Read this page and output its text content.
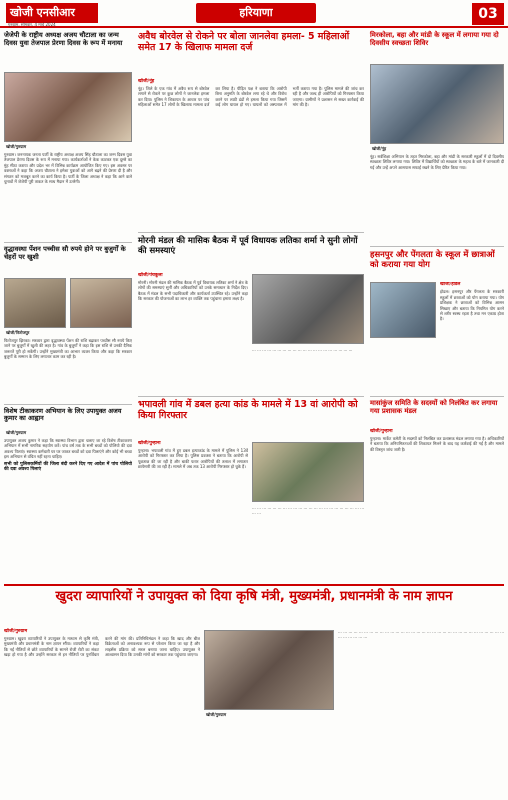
खोजी एनसीआर
गुरुग्राम, सोमवार, 4 मार्च 2024
हरियाणा	03
जेजेपी के राष्ट्रीय अध्यक्ष अजय चौटाला का जन्म दिवस युवा तेजपाल प्रेरणा दिवस के रूप में मनाया
खोजी/गुरुग्राम
गुरुग्राम। जननायक जनता पार्टी के राष्ट्रीय अध्यक्ष अजय सिंह चौटाला का जन्म दिवस युवा तेजपाल प्रेरणा दिवस के रूप में मनाया गया। कार्यकर्ताओं ने केक काटकर एक दूसरे का मुंह मीठा कराया और प्रदेश भर में विभिन्न कार्यक्रम आयोजित किए गए। इस अवसर पर वक्ताओं ने कहा कि अजय चौटाला ने हमेशा युवाओं को आगे बढ़ने की प्रेरणा दी है और संगठन को मजबूत करने का कार्य किया है। पार्टी के जिला अध्यक्ष ने कहा कि आने वाले चुनावों में जेजेपी पूरी ताकत के साथ मैदान में उतरेगी।
वृद्धावस्था पेंशन पच्चीस सौ रुपये होने पर बुजुर्गों के चेहरों पर खुशी
खोजी/फिरोजपुर
फिरोजपुर झिरका। सरकार द्वारा वृद्धावस्था पेंशन की राशि बढ़ाकर पच्चीस सौ रुपये किए जाने पर बुजुर्गों में खुशी की लहर है। गांव के बुजुर्गों ने कहा कि इस राशि से उनकी दैनिक जरूरतें पूरी हो सकेंगी। उन्होंने मुख्यमंत्री का आभार व्यक्त किया और कहा कि सरकार बुजुर्गों के सम्मान के लिए लगातार काम कर रही है।
विशेष टीकाकरण अभियान के लिए उपायुक्त अजय कुमार का आह्वान
खोजी/गुरुग्राम
उपायुक्त अजय कुमार ने कहा कि स्वास्थ्य विभाग द्वारा चलाए जा रहे विशेष टीकाकरण अभियान में सभी नागरिक सहयोग करें। पांच वर्ष तक के सभी बच्चों को पोलियो की दवा अवश्य पिलाएं। स्वास्थ्य कर्मचारी घर घर जाकर बच्चों को दवा पिलाएंगे और कोई भी बच्चा इस अभियान से वंचित नहीं रहना चाहिए।
सभी को पुलिसकर्मियों की जिला बंदी करने दिए गए आदेश में पांच पोलियो की दवा अवश्य पिलाएं
अवैध बोरवेल से रोकने पर बोला जानलेवा हमला- 5 महिलाओं समेत 17 के खिलाफ मामला दर्ज
खोजी/नूंह
नूंह। जिले के एक गांव में अवैध रूप से बोरवेल लगाने से रोकने पर कुछ लोगों ने जानलेवा हमला कर दिया। पुलिस ने शिकायत के आधार पर पांच महिलाओं समेत 17 लोगों के खिलाफ मामला दर्ज कर लिया है। पीड़ित पक्ष ने बताया कि आरोपी बिना अनुमति के बोरवेल लगा रहे थे और विरोध करने पर लाठी डंडों से हमला किया गया जिसमें कई लोग घायल हो गए। घायलों को अस्पताल में भर्ती कराया गया है। पुलिस मामले की जांच कर रही है और जल्द ही आरोपियों को गिरफ्तार किया जाएगा। ग्रामीणों ने प्रशासन से सख्त कार्रवाई की मांग की है।
मोरनी मंडल की मासिक बैठक में पूर्व विधायक लतिका शर्मा ने सुनी लोगों की समस्याएं
खोजी/पंचकूला
मोरनी। मोरनी मंडल की मासिक बैठक में पूर्व विधायक लतिका शर्मा ने क्षेत्र के लोगों की समस्याएं सुनीं और अधिकारियों को उनके समाधान के निर्देश दिए। बैठक में मंडल के सभी पदाधिकारी और कार्यकर्ता उपस्थित रहे। उन्होंने कहा कि सरकार की योजनाओं का लाभ हर व्यक्ति तक पहुंचाना हमारा लक्ष्य है।
··· ··· ··· ··· ··· ··· ··· ··· ··· ··· ··· ··· ··· ··· ··· ··· ··· ··· ··· ···
भपावली गांव में डबल हत्या कांड के मामले में 13 वां आरोपी को किया गिरफ्तार
खोजी/पुन्हाना
पुन्हाना। भपावली गांव में हुए डबल हत्याकांड के मामले में पुलिस ने 13वें आरोपी को गिरफ्तार कर लिया है। पुलिस प्रवक्ता ने बताया कि आरोपी से पूछताछ की जा रही है और बाकी फरार आरोपियों की तलाश में लगातार छापेमारी की जा रही है। मामले में अब तक 13 आरोपी गिरफ्तार हो चुके हैं।
··· ··· ··· ··· ··· ··· ··· ··· ··· ··· ··· ··· ··· ··· ··· ··· ··· ··· ··· ··· ··· ··· ··· ···
मिरकोला, बहा और मांडी के स्कूल में लगाया गया दो दिवसीय स्वच्छता शिविर
खोजी/नूंह
नूंह। सर्वशिक्षा अभियान के तहत मिरकोला, बहा और मांडी के सरकारी स्कूलों में दो दिवसीय स्वच्छता शिविर लगाया गया। शिविर में विद्यार्थियों को स्वच्छता के महत्व के बारे में जानकारी दी गई और उन्हें अपने आसपास सफाई रखने के लिए प्रेरित किया गया।
हसनपुर और पेंगलता के स्कूल में छात्राओं को कराया गया योग
खोजी/होडल
होडल। हसनपुर और पेंगलता के सरकारी स्कूलों में छात्राओं को योग कराया गया। योग प्रशिक्षक ने छात्राओं को विभिन्न आसन सिखाए और बताया कि नियमित योग करने से शरीर स्वस्थ रहता है तथा मन एकाग्र होता है।
मासांकुंज समिति के सदस्यों को निलंबित कर लगाया गया प्रशासक मंडल
खोजी/पुन्हाना
पुन्हाना। मार्केट कमेटी के सदस्यों को निलंबित कर प्रशासक मंडल लगाया गया है। अधिकारियों ने बताया कि अनियमितताओं की शिकायत मिलने के बाद यह कार्रवाई की गई है और मामले की विस्तृत जांच जारी है।
खुदरा व्यापारियों ने उपायुक्त को दिया कृषि मंत्री, मुख्यमंत्री, प्रधानमंत्री के नाम ज्ञापन
खोजी/गुरुग्राम
गुरुग्राम। खुदरा व्यापारियों ने उपायुक्त के माध्यम से कृषि मंत्री, मुख्यमंत्री और प्रधानमंत्री के नाम ज्ञापन सौंपा। व्यापारियों ने कहा कि नई नीतियों से छोटे व्यापारियों के सामने रोजी रोटी का संकट खड़ा हो गया है और उन्होंने सरकार से इन नीतियों पर पुनर्विचार करने की मांग की। प्रतिनिधिमंडल ने कहा कि खाद और बीज विक्रेताओं को अनावश्यक रूप से परेशान किया जा रहा है और लाइसेंस प्रक्रिया को सरल बनाया जाना चाहिए। उपायुक्त ने आश्वासन दिया कि उनकी मांगों को सरकार तक पहुंचाया जाएगा।
खोजी/गुरुग्राम
··· ··· ··· ··· ··· ··· ··· ··· ··· ··· ··· ··· ··· ··· ··· ··· ··· ··· ··· ··· ··· ··· ··· ··· ··· ··· ··· ··· ··· ··· ··· ··· ··· ··· ··· ··· ··· ···
